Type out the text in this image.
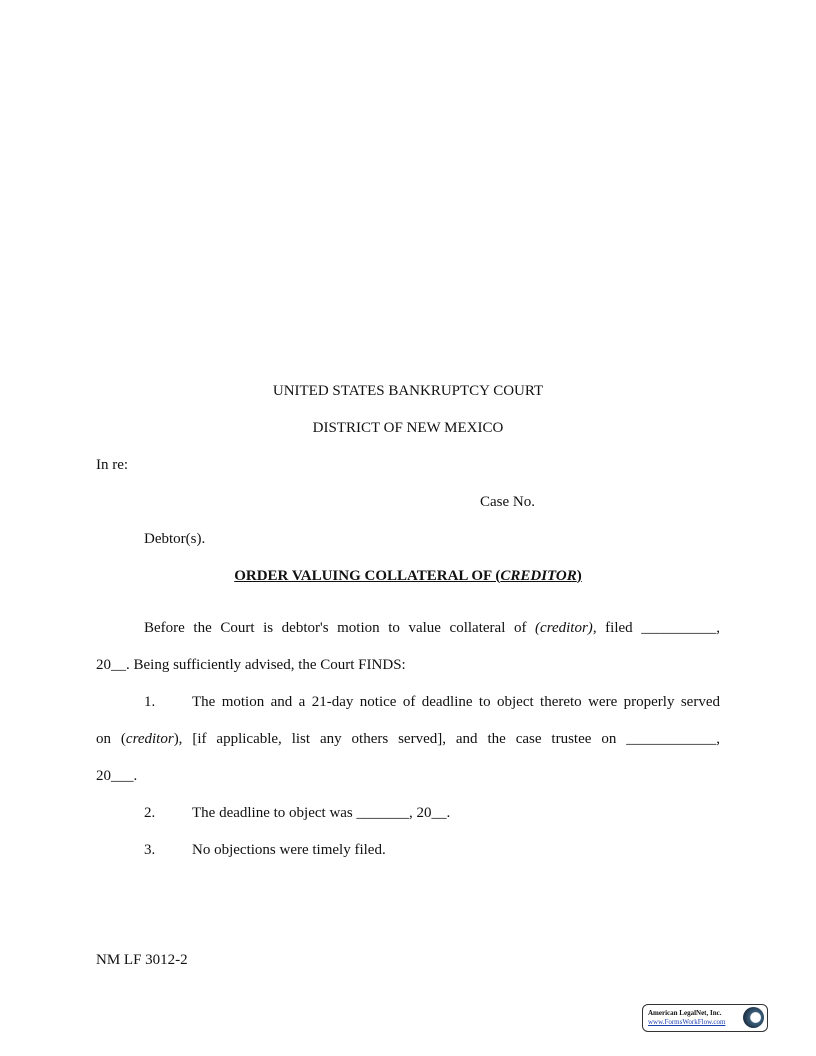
UNITED STATES BANKRUPTCY COURT
DISTRICT OF NEW MEXICO
In re:
Case No.
Debtor(s).
ORDER VALUING COLLATERAL OF (CREDITOR)
Before the Court is debtor's motion to value collateral of (creditor), filed __________,
20__. Being sufficiently advised, the Court FINDS:
1. The motion and a 21-day notice of deadline to object thereto were properly served
on (creditor), [if applicable, list any others served], and the case trustee on ____________,
20___.
2. The deadline to object was _______, 20__.
3. No objections were timely filed.
NM LF 3012-2
American LegalNet, Inc.
www.FormsWorkFlow.com
